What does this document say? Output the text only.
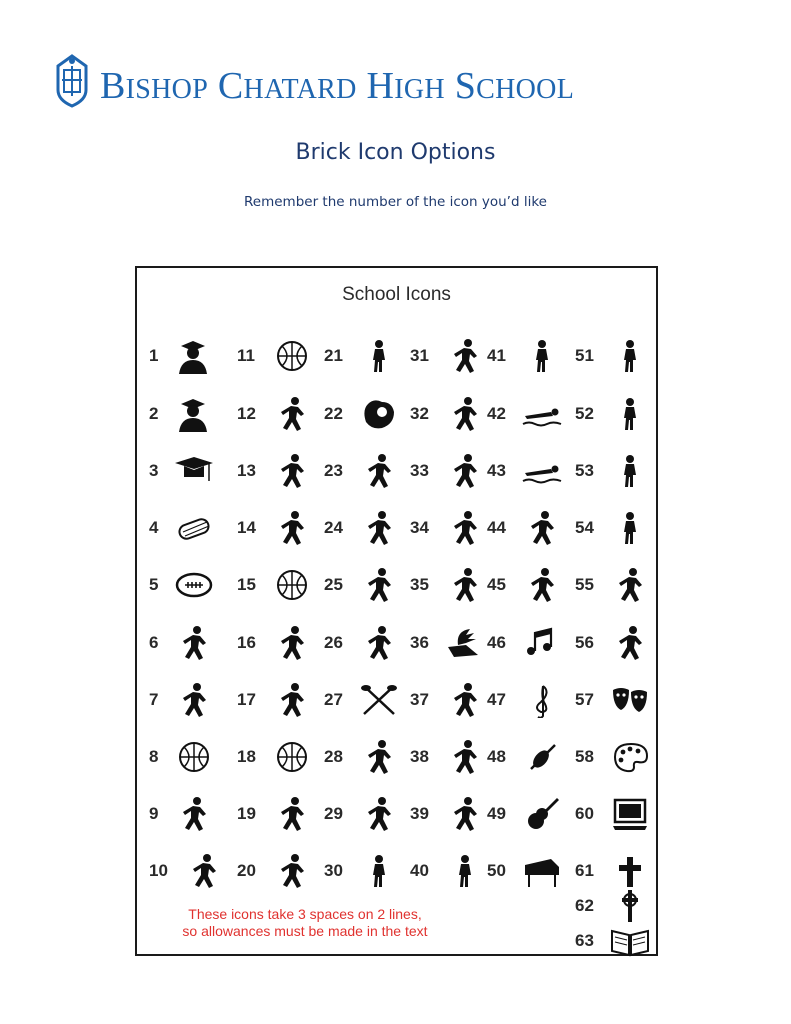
BISHOP CHATARD HIGH SCHOOL
Brick Icon Options
Remember the number of the icon you’d like
School Icons
1
2
3
4
5
6
7
8
9
10
11
12
13
14
15
16
17
18
19
20
21
22
23
24
25
26
27
28
29
30
31
32
33
34
35
36
37
38
39
40
41
42
43
44
45
46
47
48
49
50
51
52
53
54
55
56
57
58
60
61
62
63
These icons take 3 spaces on 2 lines,
so allowances must be made in the text
